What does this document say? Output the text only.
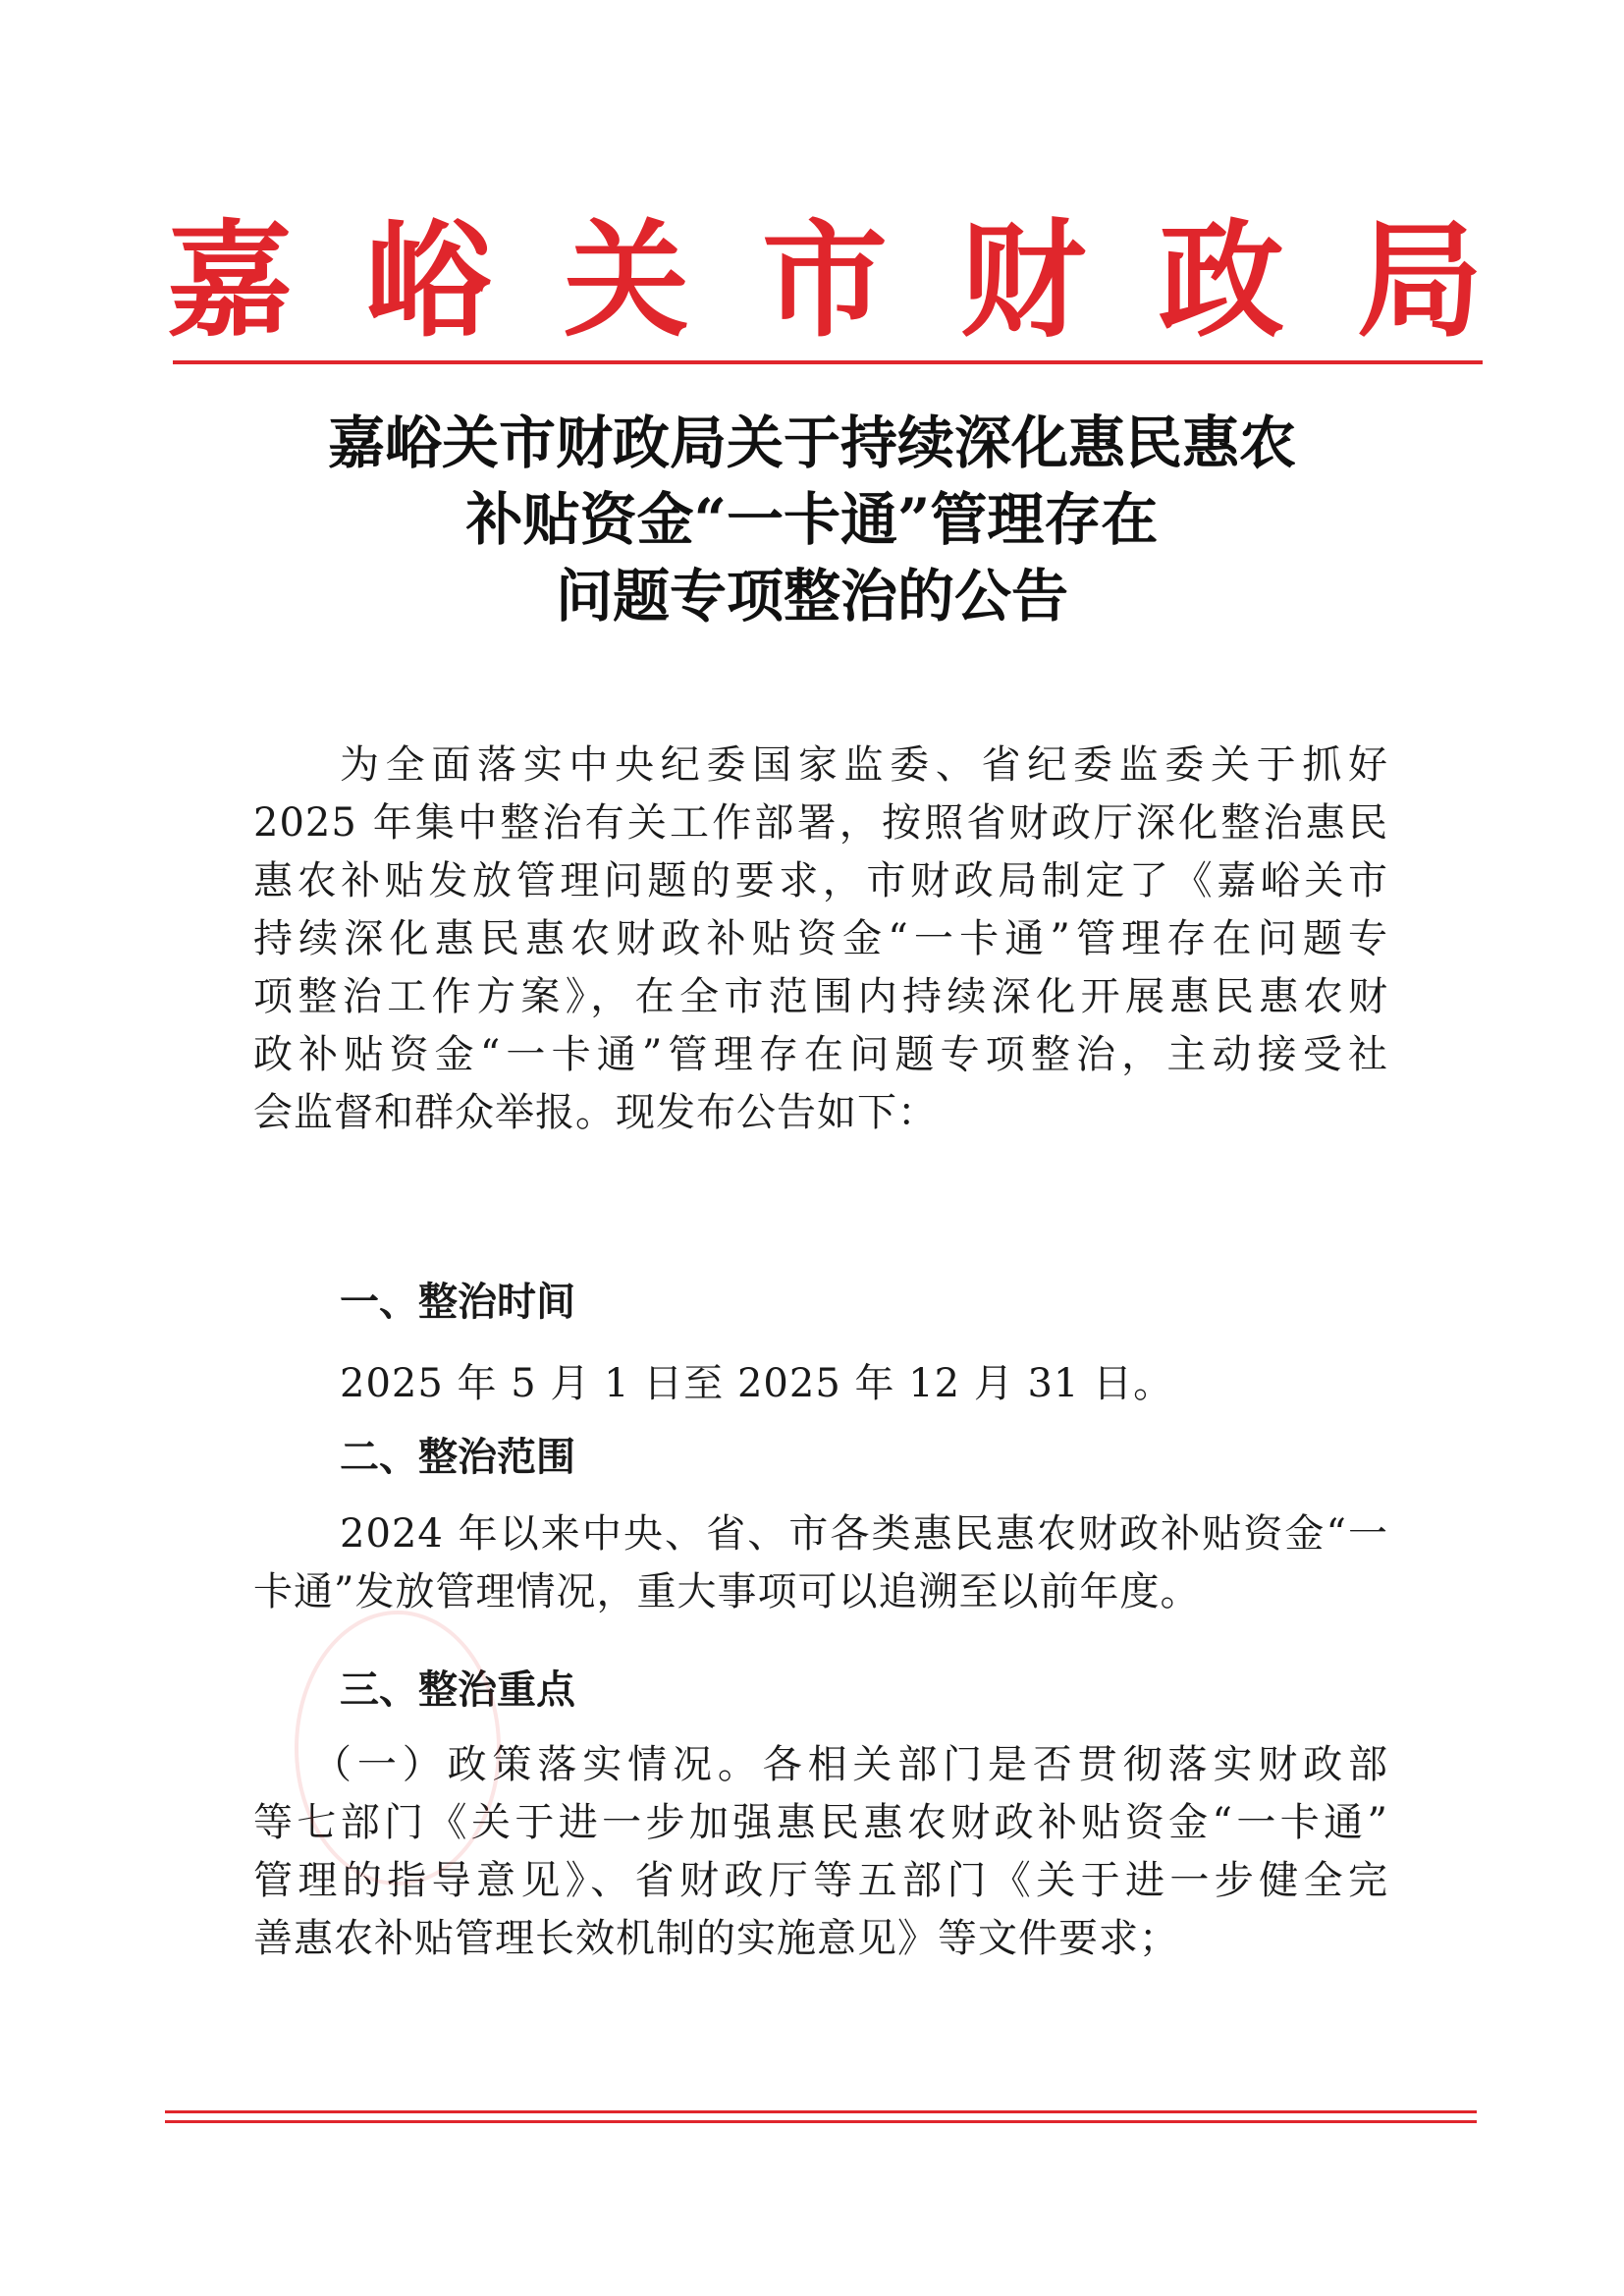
嘉 峪 关 市 财 政 局
嘉峪关市财政局关于持续深化惠民惠农
补贴资金“一卡通”管理存在
问题专项整治的公告
为全面落实中央纪委国家监委、省纪委监委关于抓好
2025 年集中整治有关工作部署，按照省财政厅深化整治惠民
惠农补贴发放管理问题的要求，市财政局制定了《嘉峪关市
持续深化惠民惠农财政补贴资金“一卡通”管理存在问题专
项整治工作方案》，在全市范围内持续深化开展惠民惠农财
政补贴资金“一卡通”管理存在问题专项整治，主动接受社
会监督和群众举报。现发布公告如下：
一、整治时间
2025 年 5 月 1 日至 2025 年 12 月 31 日。
二、整治范围
2024 年以来中央、省、市各类惠民惠农财政补贴资金“一
卡通”发放管理情况，重大事项可以追溯至以前年度。
三、整治重点
（一）政策落实情况。各相关部门是否贯彻落实财政部
等七部门《关于进一步加强惠民惠农财政补贴资金“一卡通”
管理的指导意见》、省财政厅等五部门《关于进一步健全完
善惠农补贴管理长效机制的实施意见》等文件要求；
